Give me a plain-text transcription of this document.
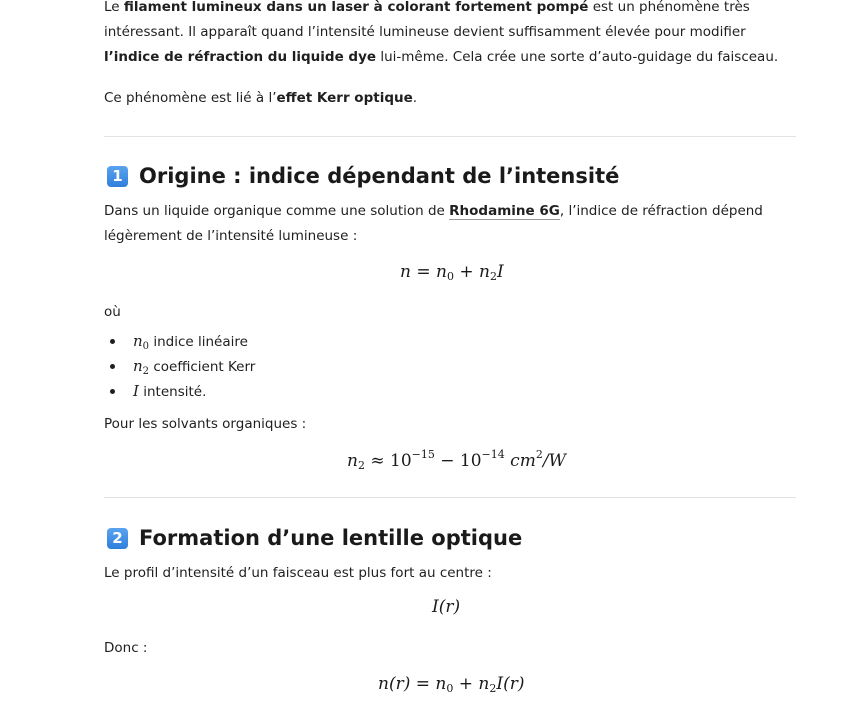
Le filament lumineux dans un laser à colorant fortement pompé est un phénomène très intéressant. Il apparaît quand l’intensité lumineuse devient suffisamment élevée pour modifier l’indice de réfraction du liquide dye lui-même. Cela crée une sorte d’auto-guidage du faisceau.

Ce phénomène est lié à l’effet Kerr optique.

1 Origine : indice dépendant de l’intensité

Dans un liquide organique comme une solution de Rhodamine 6G, l’indice de réfraction dépend légèrement de l’intensité lumineuse :

$n = n_0 + n_2I$

où

$n_0$ indice linéaire
$n_2$ coefficient Kerr
I intensité.

Pour les solvants organiques :

$n_2 \approx 10^{-15} - 10^{-14}$ $cm^2/W$
2 Formation d’une lentille optique

Le profil d’intensité d’un faisceau est plus fort au centre :

I(r)

Donc :

$n(r) = n_0 + n_2I(r)$
